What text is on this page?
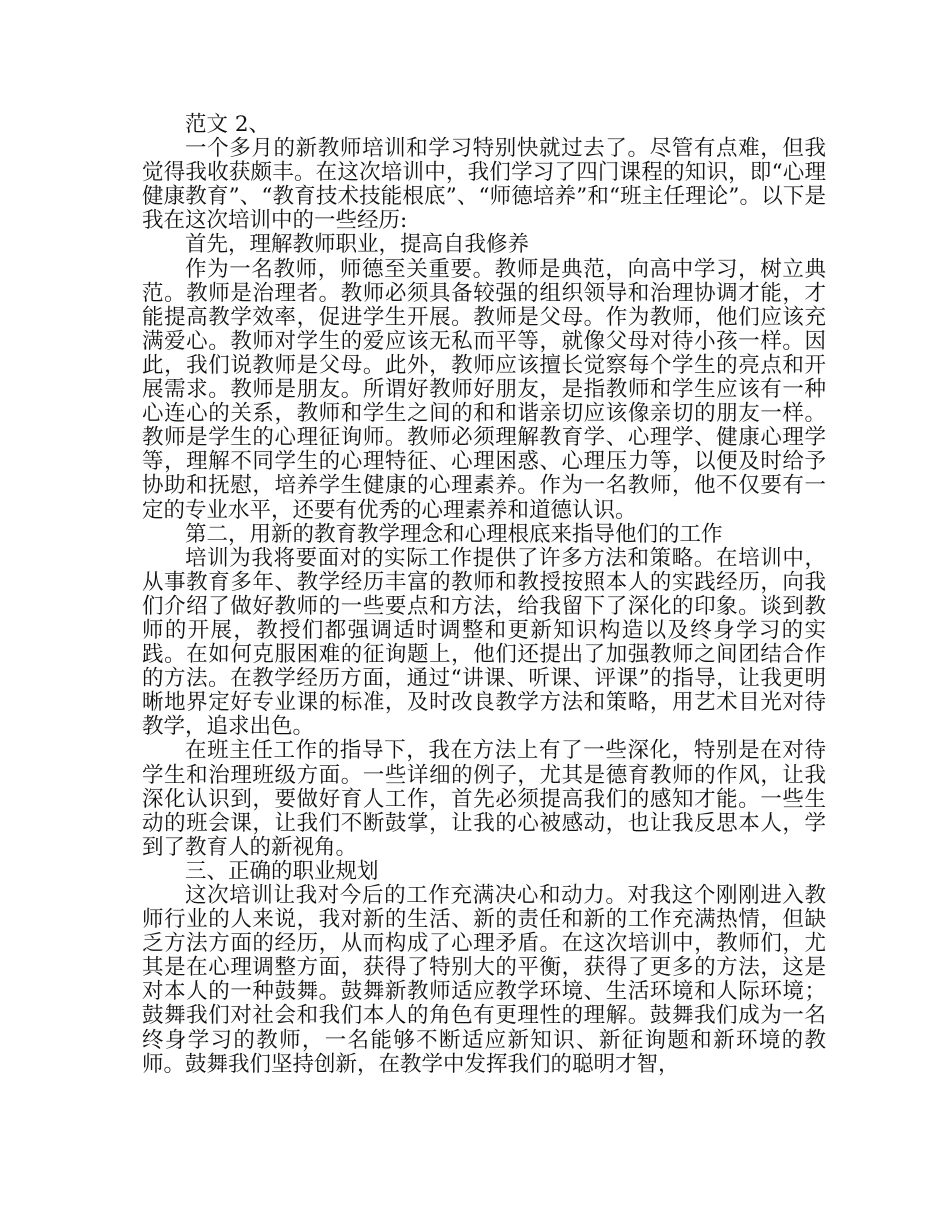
范文 2、

一个多月的新教师培训和学习特别快就过去了。尽管有点难，但我觉得我收获颇丰。在这次培训中，我们学习了四门课程的知识，即“心理健康教育”、“教育技术技能根底”、“师德培养”和“班主任理论”。以下是我在这次培训中的一些经历:

首先，理解教师职业，提高自我修养

作为一名教师，师德至关重要。教师是典范，向高中学习，树立典范。教师是治理者。教师必须具备较强的组织领导和治理协调才能，才能提高教学效率，促进学生开展。教师是父母。作为教师，他们应该充满爱心。教师对学生的爱应该无私而平等，就像父母对待小孩一样。因此，我们说教师是父母。此外，教师应该擅长觉察每个学生的亮点和开展需求。教师是朋友。所谓好教师好朋友，是指教师和学生应该有一种心连心的关系，教师和学生之间的和和谐亲切应该像亲切的朋友一样。教师是学生的心理征询师。教师必须理解教育学、心理学、健康心理学等，理解不同学生的心理特征、心理困惑、心理压力等，以便及时给予协助和抚慰，培养学生健康的心理素养。作为一名教师，他不仅要有一定的专业水平，还要有优秀的心理素养和道德认识。

第二，用新的教育教学理念和心理根底来指导他们的工作

培训为我将要面对的实际工作提供了许多方法和策略。在培训中，从事教育多年、教学经历丰富的教师和教授按照本人的实践经历，向我们介绍了做好教师的一些要点和方法，给我留下了深化的印象。谈到教师的开展，教授们都强调适时调整和更新知识构造以及终身学习的实践。在如何克服困难的征询题上，他们还提出了加强教师之间团结合作的方法。在教学经历方面，通过“讲课、听课、评课”的指导，让我更明晰地界定好专业课的标准，及时改良教学方法和策略，用艺术目光对待教学，追求出色。

在班主任工作的指导下，我在方法上有了一些深化，特别是在对待学生和治理班级方面。一些详细的例子，尤其是德育教师的作风，让我深化认识到，要做好育人工作，首先必须提高我们的感知才能。一些生动的班会课，让我们不断鼓掌，让我的心被感动，也让我反思本人，学到了教育人的新视角。

三、正确的职业规划

这次培训让我对今后的工作充满决心和动力。对我这个刚刚进入教师行业的人来说，我对新的生活、新的责任和新的工作充满热情，但缺乏方法方面的经历，从而构成了心理矛盾。在这次培训中，教师们，尤其是在心理调整方面，获得了特别大的平衡，获得了更多的方法，这是对本人的一种鼓舞。鼓舞新教师适应教学环境、生活环境和人际环境；鼓舞我们对社会和我们本人的角色有更理性的理解。鼓舞我们成为一名终身学习的教师，一名能够不断适应新知识、新征询题和新环境的教师。鼓舞我们坚持创新，在教学中发挥我们的聪明才智，
